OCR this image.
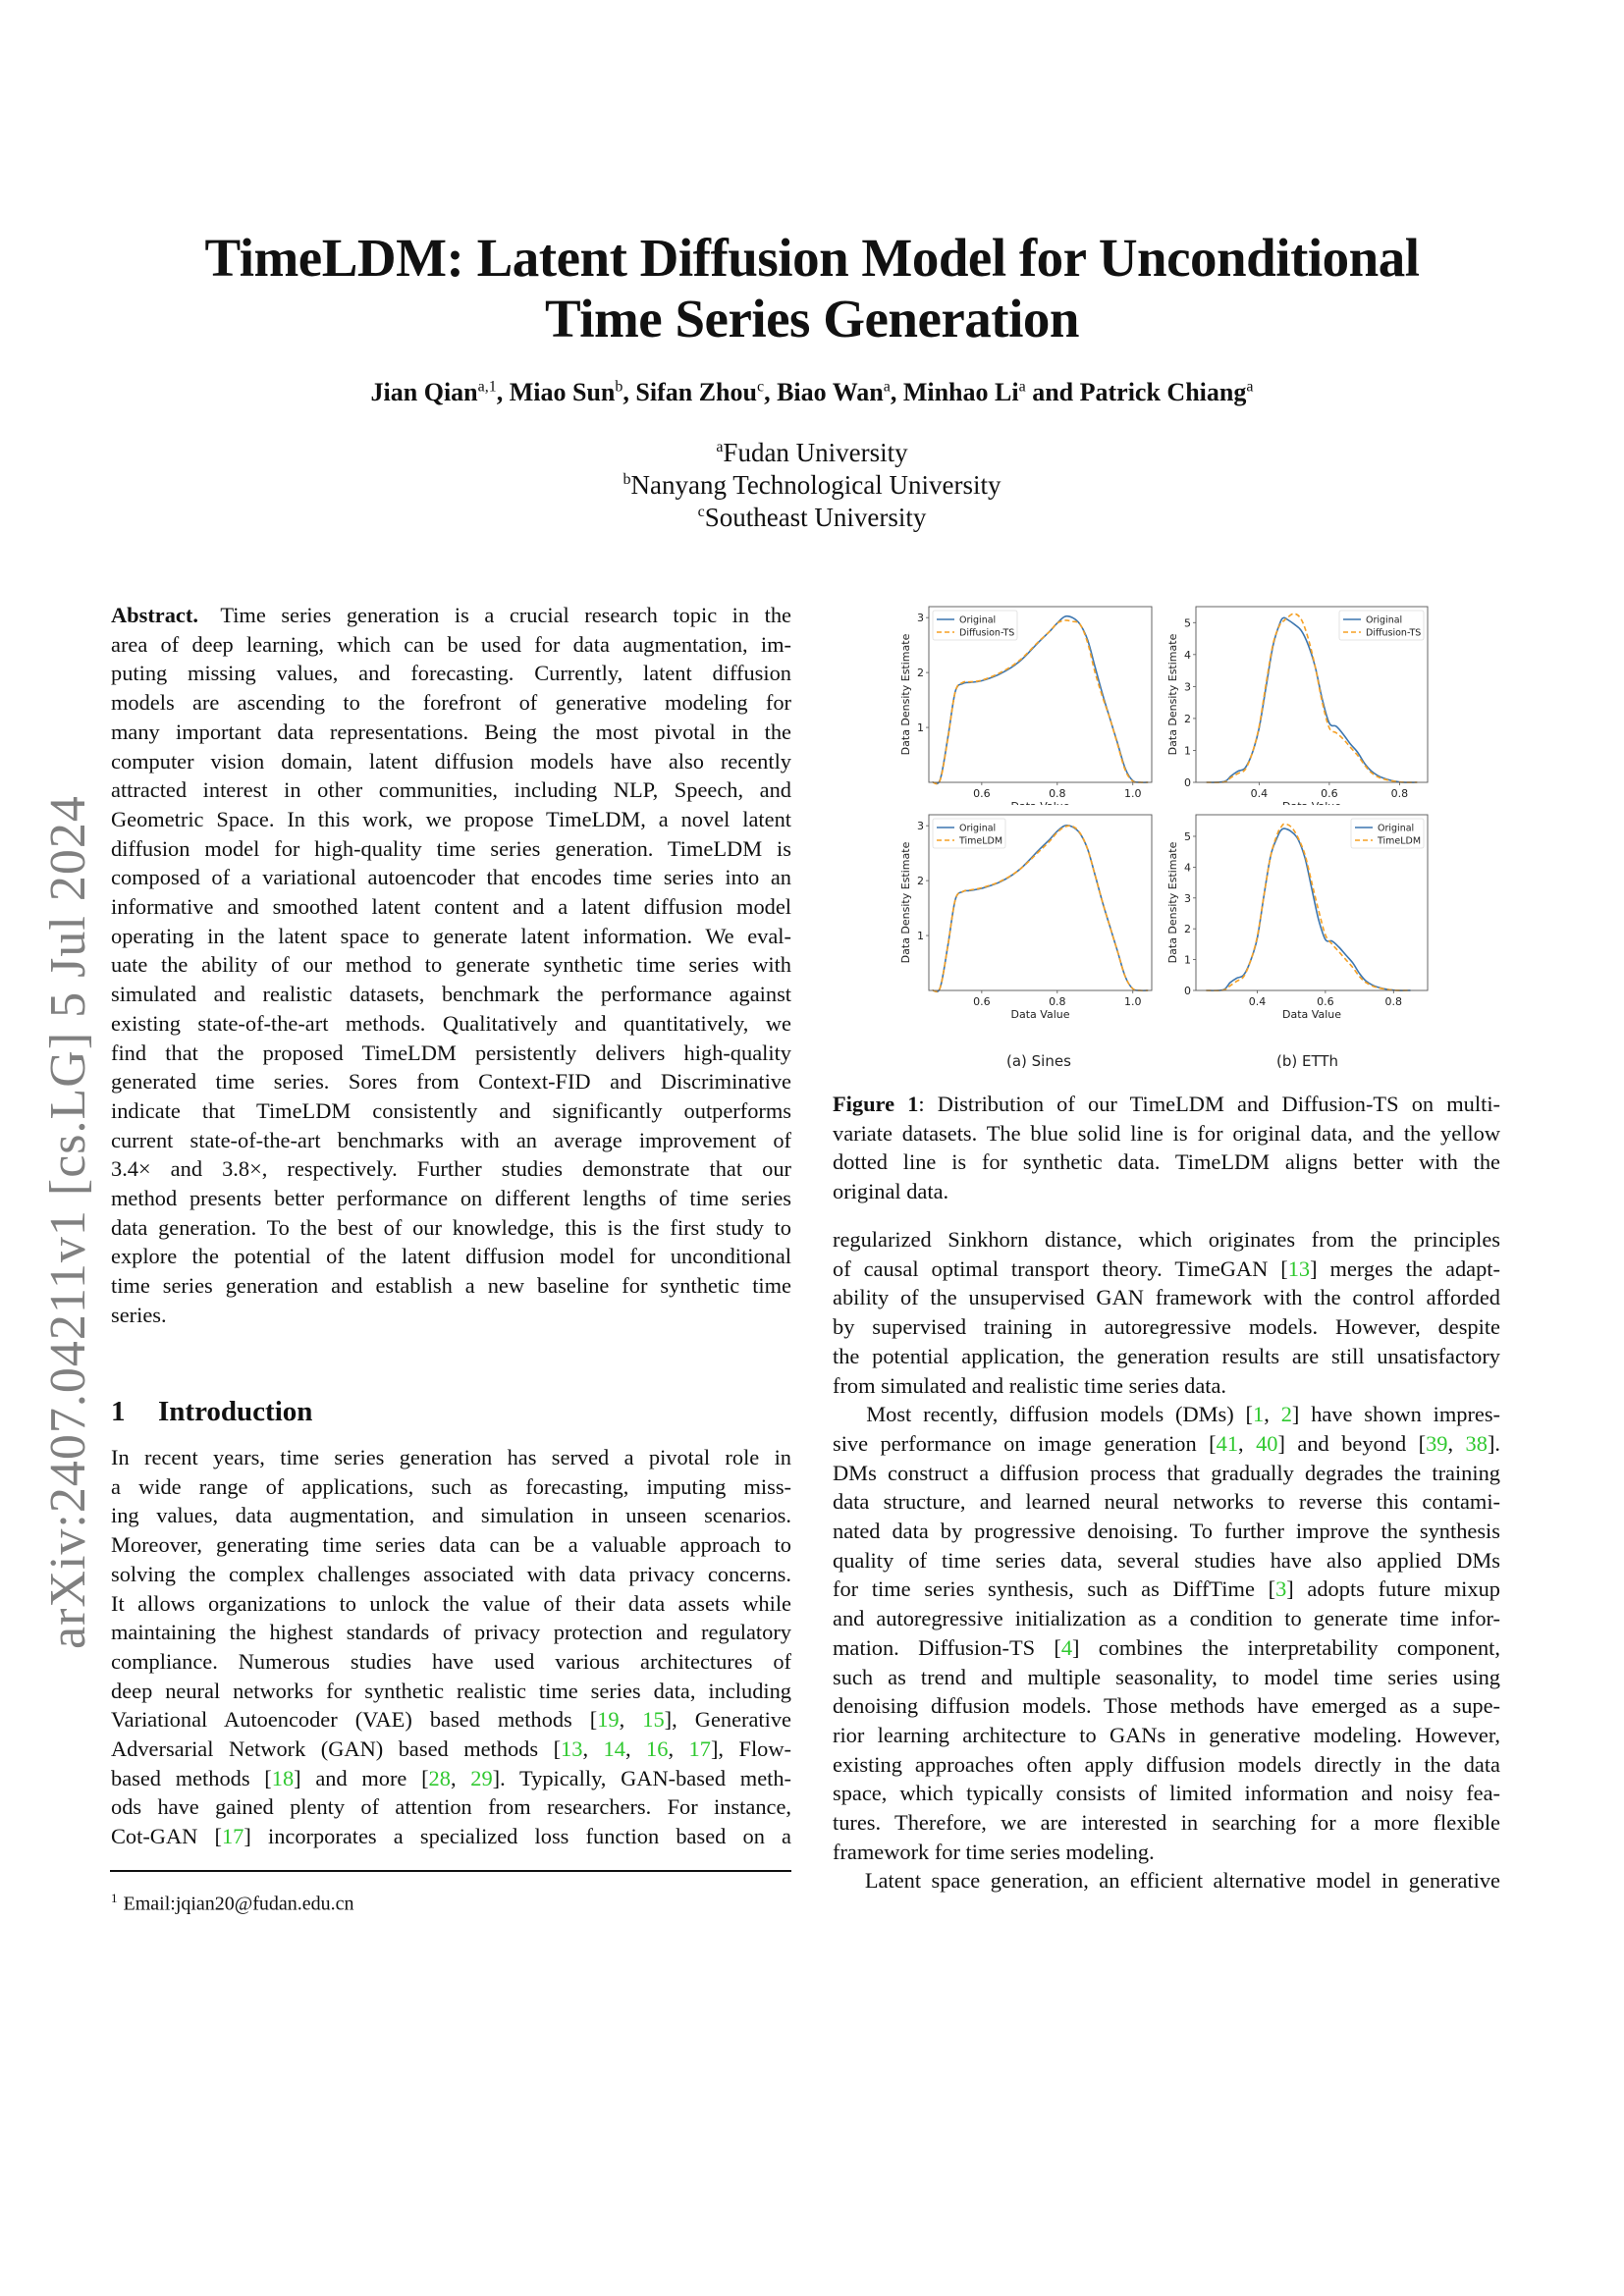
TimeLDM: Latent Diffusion Model for Unconditional
Time Series Generation
Jian Qian$^{a,1}$, Miao Sun$^b$, Sifan Zhou$^c$, Biao Wan$^a$, Minhao Li$^a$ and Patrick Chiang$^a$
$^a$Fudan University
$^b$Nanyang Technological University
$^c$Southeast University
arXiv:2407.04211v1 [cs.LG] 5 Jul 2024
Abstract. Time series generation is a crucial research topic in the
area of deep learning, which can be used for data augmentation, im-
puting missing values, and forecasting. Currently, latent diffusion
models are ascending to the forefront of generative modeling for
many important data representations. Being the most pivotal in the
computer vision domain, latent diffusion models have also recently
attracted interest in other communities, including NLP, Speech, and
Geometric Space. In this work, we propose TimeLDM, a novel latent
diffusion model for high-quality time series generation. TimeLDM is
composed of a variational autoencoder that encodes time series into an
informative and smoothed latent content and a latent diffusion model
operating in the latent space to generate latent information. We eval-
uate the ability of our method to generate synthetic time series with
simulated and realistic datasets, benchmark the performance against
existing state-of-the-art methods. Qualitatively and quantitatively, we
find that the proposed TimeLDM persistently delivers high-quality
generated time series. Sores from Context-FID and Discriminative
indicate that TimeLDM consistently and significantly outperforms
current state-of-the-art benchmarks with an average improvement of
3.4× and 3.8×, respectively. Further studies demonstrate that our
method presents better performance on different lengths of time series
data generation. To the best of our knowledge, this is the first study to
explore the potential of the latent diffusion model for unconditional
time series generation and establish a new baseline for synthetic time
series.
1 Introduction
In recent years, time series generation has served a pivotal role in
a wide range of applications, such as forecasting, imputing miss-
ing values, data augmentation, and simulation in unseen scenarios.
Moreover, generating time series data can be a valuable approach to
solving the complex challenges associated with data privacy concerns.
It allows organizations to unlock the value of their data assets while
maintaining the highest standards of privacy protection and regulatory
compliance. Numerous studies have used various architectures of
deep neural networks for synthetic realistic time series data, including
Variational Autoencoder (VAE) based methods [19, 15], Generative
Adversarial Network (GAN) based methods [13, 14, 16, 17], Flow-
based methods [18] and more [28, 29]. Typically, GAN-based meth-
ods have gained plenty of attention from researchers. For instance,
Cot-GAN [17] incorporates a specialized loss function based on a
regularized Sinkhorn distance, which originates from the principles
of causal optimal transport theory. TimeGAN [13] merges the adapt-
ability of the unsupervised GAN framework with the control afforded
by supervised training in autoregressive models. However, despite
the potential application, the generation results are still unsatisfactory
from simulated and realistic time series data.
  Most recently, diffusion models (DMs) [1, 2] have shown impres-
sive performance on image generation [41, 40] and beyond [39, 38].
DMs construct a diffusion process that gradually degrades the training
data structure, and learned neural networks to reverse this contami-
nated data by progressive denoising. To further improve the synthesis
quality of time series data, several studies have also applied DMs
for time series synthesis, such as DiffTime [3] adopts future mixup
and autoregressive initialization as a condition to generate time infor-
mation. Diffusion-TS [4] combines the interpretability component,
such as trend and multiple seasonality, to model time series using
denoising diffusion models. Those methods have emerged as a supe-
rior learning architecture to GANs in generative modeling. However,
existing approaches often apply diffusion models directly in the data
space, which typically consists of limited information and noisy fea-
tures. Therefore, we are interested in searching for a more flexible
framework for time series modeling.
  Latent space generation, an efficient alternative model in generative
$^1$ Email:jqian20@fudan.edu.cn
0.6	0.8	1.0
1
2
3
Data Density Estimate
Original
Diffusion-TS
0.4	0.6	0.8
0
1
2
3
4
5
Data Density Estimate
Original
Diffusion-TS
0.6	0.8	1.0
1
2
3
Data Value
Data Density Estimate
Original
TimeLDM
0.4	0.6	0.8
0
1
2
3
4
5
Data Value
Data Density Estimate
Original
TimeLDM
(a) Sines	(b) ETTh
Figure 1: Distribution of our TimeLDM and Diffusion-TS on multi-
variate datasets. The blue solid line is for original data, and the yellow
dotted line is for synthetic data. TimeLDM aligns better with the
original data.
